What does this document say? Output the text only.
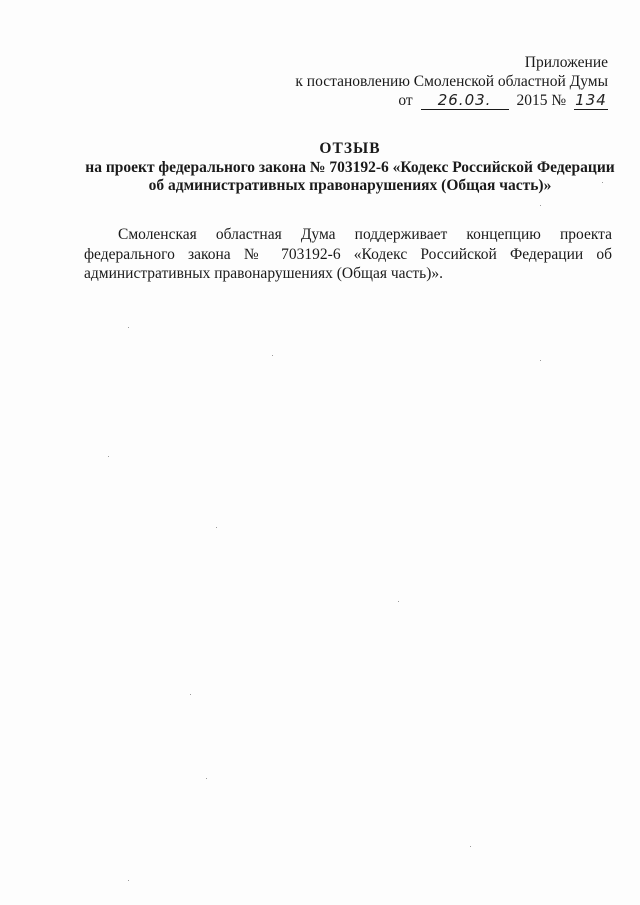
Приложение
к постановлению Смоленской областной Думы
от 26.03. 2015 № 134
ОТЗЫВ
на проект федерального закона № 703192-6 «Кодекс Российской Федерации
об административных правонарушениях (Общая часть)»
Смоленская областная Дума поддерживает концепцию проекта
федерального закона № 703192-6 «Кодекс Российской Федерации об
административных правонарушениях (Общая часть)».
